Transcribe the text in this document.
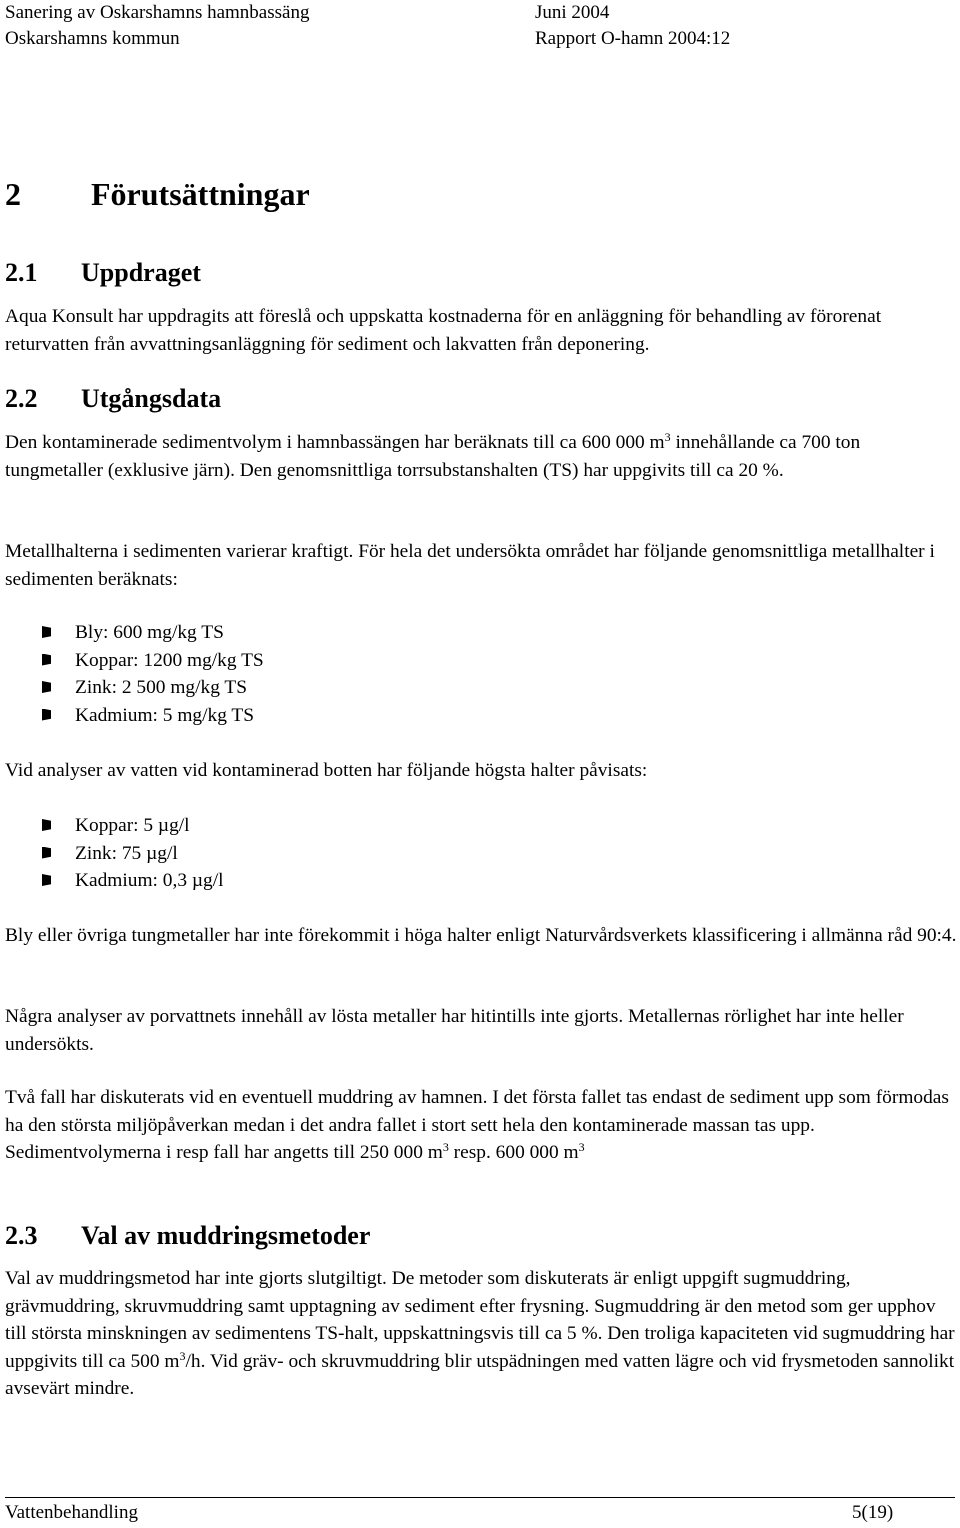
Sanering av Oskarshamns hamnbassäng	Juni 2004
Oskarshamns kommun	Rapport O-hamn 2004:12
2 Förutsättningar
2.1 Uppdraget

Aqua Konsult har uppdragits att föreslå och uppskatta kostnaderna för en anläggning för behandling av förorenat returvatten från avvattningsanläggning för sediment och lakvatten från deponering.

2.2 Utgångsdata

Den kontaminerade sedimentvolym i hamnbassängen har beräknats till ca 600 000 $m^3$ innehållande ca 700 ton tungmetaller (exklusive järn). Den genomsnittliga torrsubstanshalten (TS) har uppgivits till ca 20 %.

Metallhalterna i sedimenten varierar kraftigt. För hela det undersökta området har följande genomsnittliga metallhalter i sedimenten beräknats:

Bly: 600 mg/kg TS
Koppar: 1200 mg/kg TS
Zink: 2 500 mg/kg TS
Kadmium: 5 mg/kg TS

Vid analyser av vatten vid kontaminerad botten har följande högsta halter påvisats:

Koppar: 5 µg/l
Zink: 75 µg/l
Kadmium: 0,3 µg/l

Bly eller övriga tungmetaller har inte förekommit i höga halter enligt Naturvårdsverkets klassificering i allmänna råd 90:4.

Några analyser av porvattnets innehåll av lösta metaller har hitintills inte gjorts. Metallernas rörlighet har inte heller undersökts.

Två fall har diskuterats vid en eventuell muddring av hamnen. I det första fallet tas endast de sediment upp som förmodas ha den största miljöpåverkan medan i det andra fallet i stort sett hela den kontaminerade massan tas upp. Sedimentvolymerna i resp fall har angetts till 250 000 $m^3$ resp. 600 000 $m^3$

2.3 Val av muddringsmetoder

Val av muddringsmetod har inte gjorts slutgiltigt. De metoder som diskuterats är enligt uppgift sugmuddring, grävmuddring, skruvmuddring samt upptagning av sediment efter frysning. Sugmuddring är den metod som ger upphov till största minskningen av sedimentens TS-halt, uppskattningsvis till ca 5 %. Den troliga kapaciteten vid sugmuddring har uppgivits till ca 500 $m^3/h$. Vid gräv- och skruvmuddring blir utspädningen med vatten lägre och vid frysmetoden sannolikt avsevärt mindre.

Vattenbehandling	5(19)
